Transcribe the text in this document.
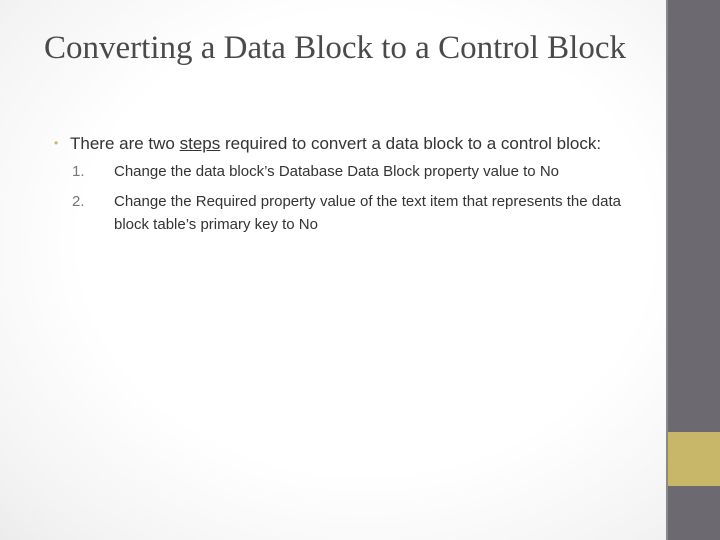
Converting a Data Block to a Control Block
• There are two steps required to convert a data block to a control block:
1.	Change the data block’s Database Data Block property value to No
2.	Change the Required property value of the text item that represents the data block table’s primary key to No
